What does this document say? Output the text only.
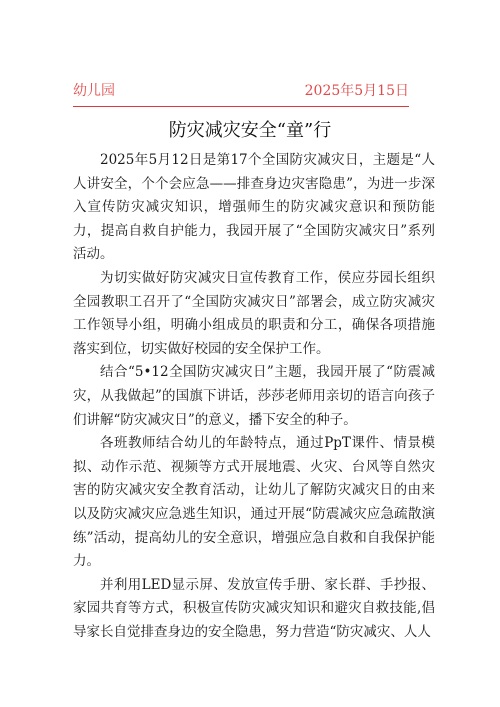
幼儿园	2025年5月15日
防灾减灾安全“童”行

2025年5月12日是第17个全国防灾减灾日，主题是“人人讲安全，个个会应急——排查身边灾害隐患”，为进一步深入宣传防灾减灾知识，增强师生的防灾减灾意识和预防能力，提高自救自护能力，我园开展了“全国防灾减灾日”系列活动。

为切实做好防灾减灾日宣传教育工作，侯应芬园长组织全园教职工召开了“全国防灾减灾日”部署会，成立防灾减灾工作领导小组，明确小组成员的职责和分工，确保各项措施落实到位，切实做好校园的安全保护工作。

结合“5•12全国防灾减灾日”主题，我园开展了“防震减灾，从我做起”的国旗下讲话，莎莎老师用亲切的语言向孩子们讲解“防灾减灾日”的意义，播下安全的种子。

各班教师结合幼儿的年龄特点，通过PpT课件、情景模拟、动作示范、视频等方式开展地震、火灾、台风等自然灾害的防灾减灾安全教育活动，让幼儿了解防灾减灾日的由来以及防灾减灾应急逃生知识，通过开展“防震减灾应急疏散演练”活动，提高幼儿的安全意识，增强应急自救和自我保护能力。

并利用LED显示屏、发放宣传手册、家长群、手抄报、家园共育等方式，积极宣传防灾减灾知识和避灾自救技能,倡导家长自觉排查身边的安全隐患，努力营造“防灾减灾、人人
